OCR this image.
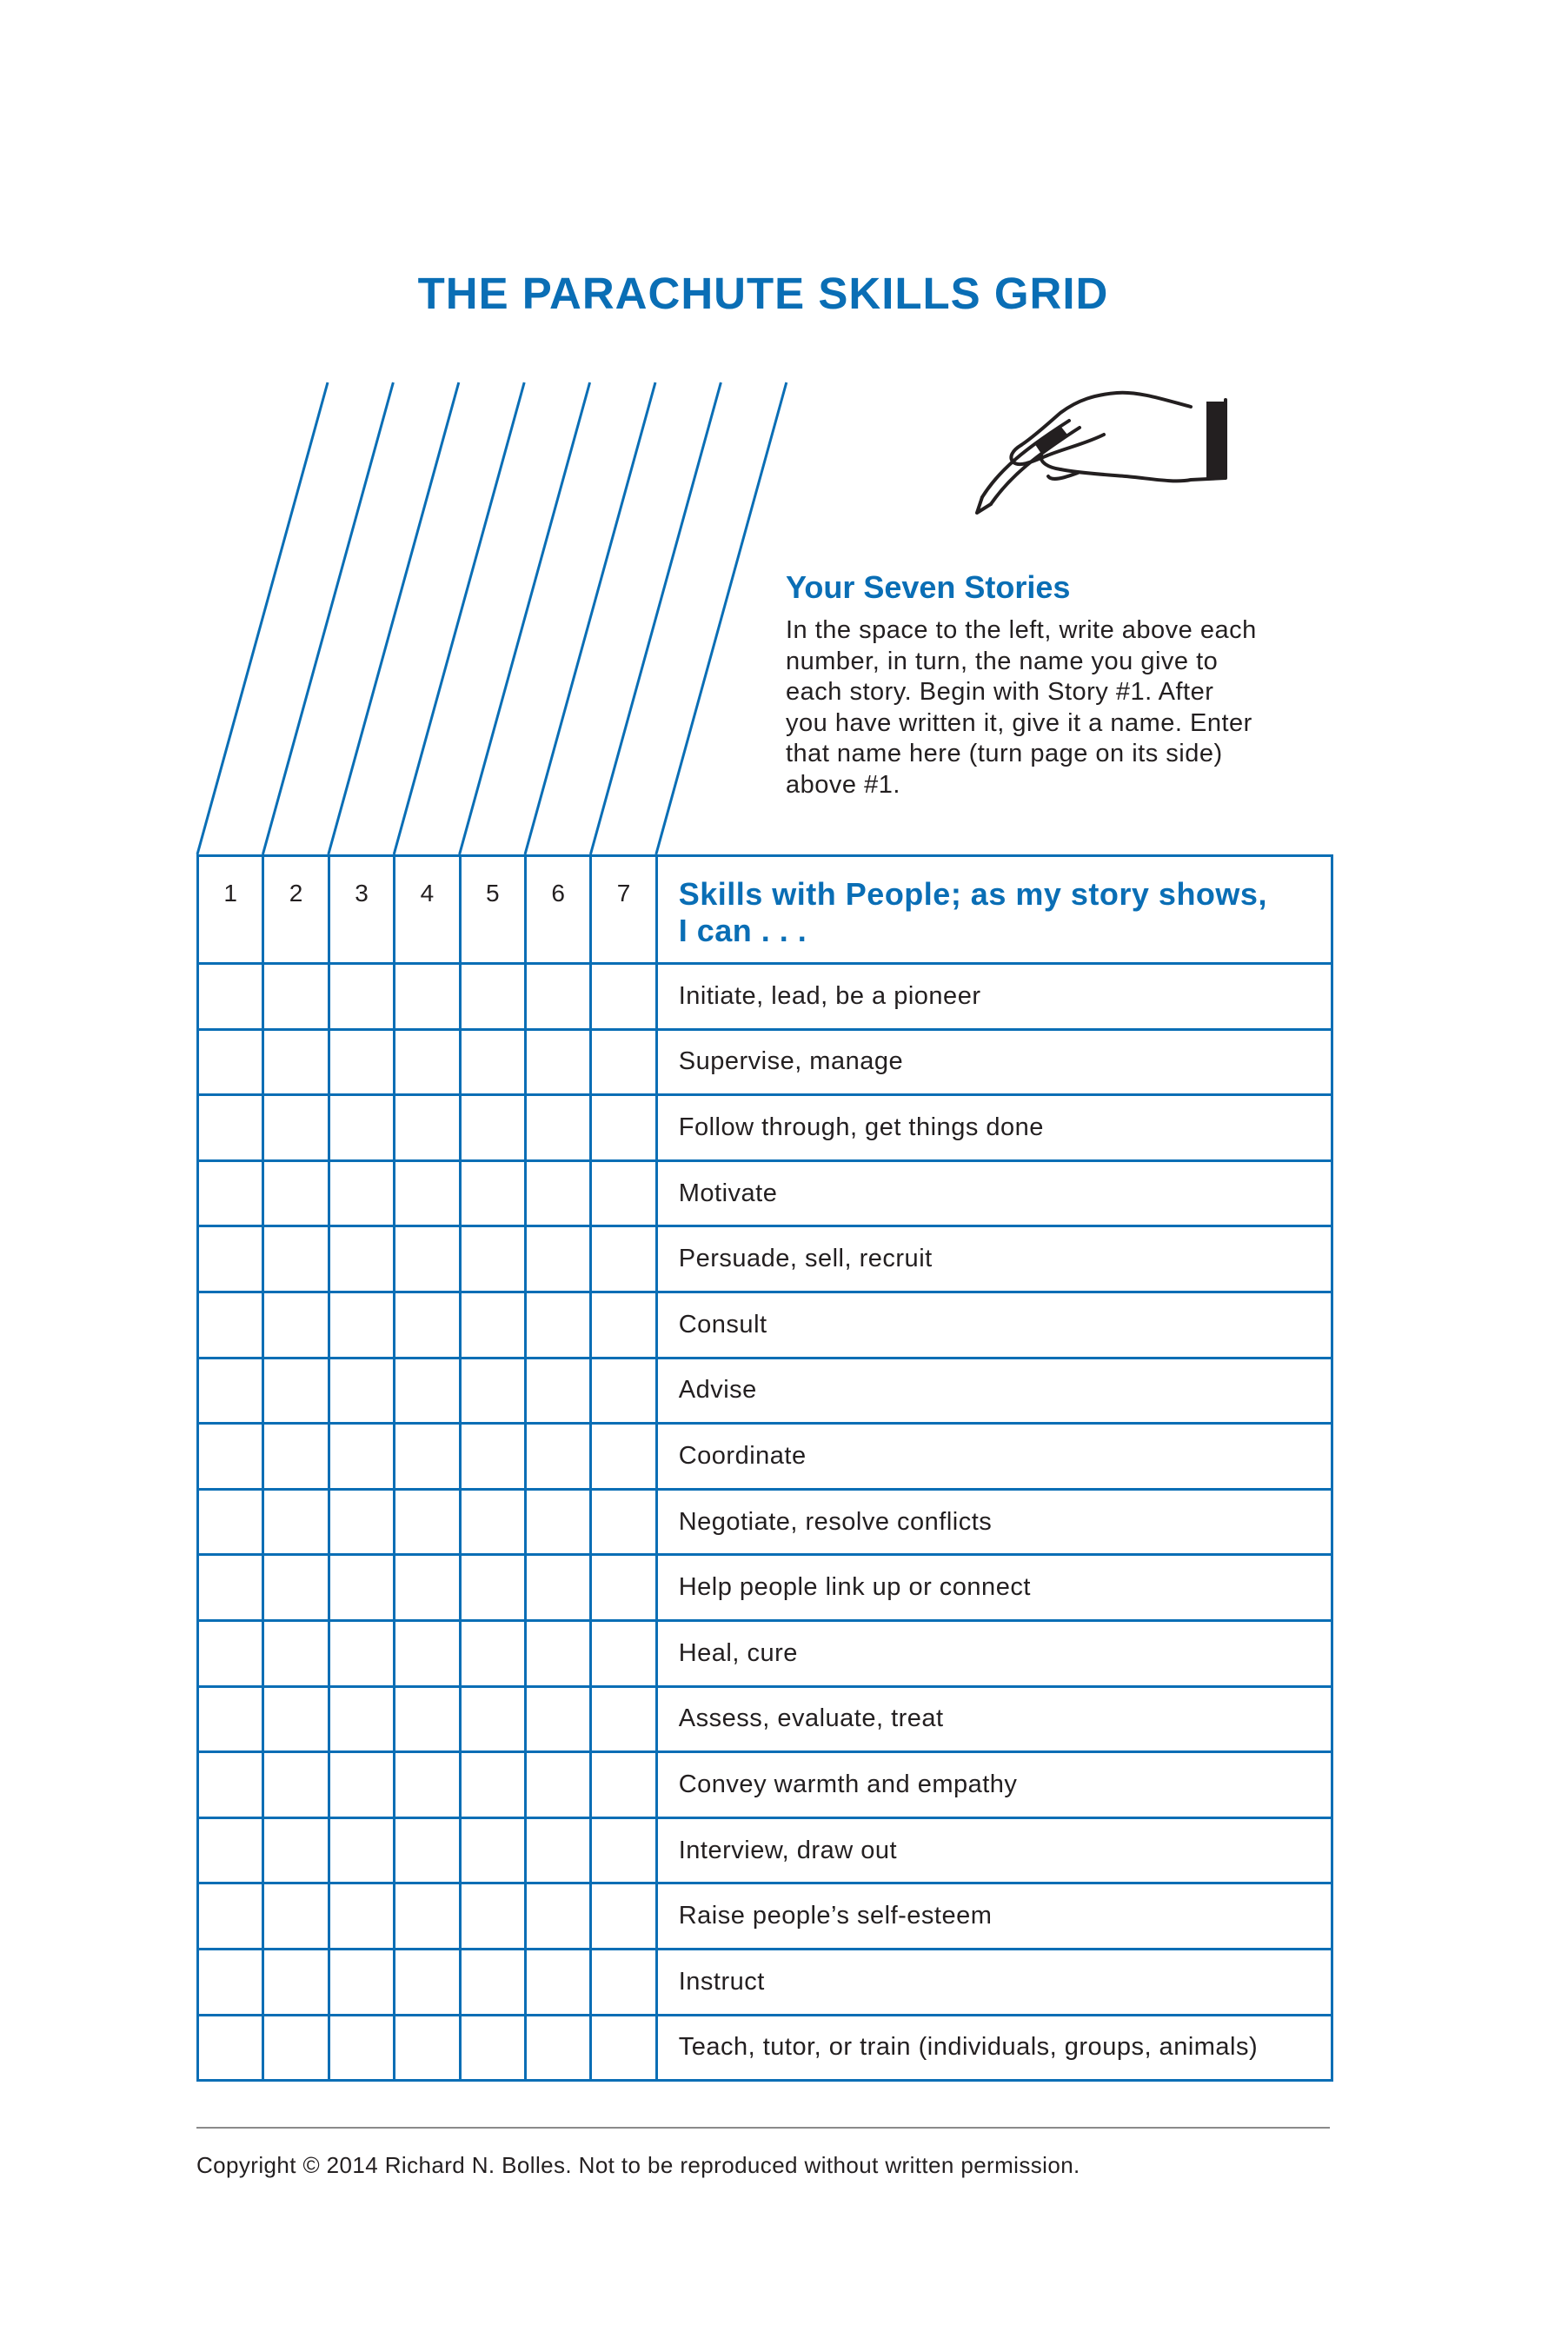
THE PARACHUTE SKILLS GRID
Your Seven Stories
In the space to the left, write above each
number, in turn, the name you give to
each story. Begin with Story #1. After
you have written it, give it a name. Enter
that name here (turn page on its side)
above #1.
1	2	3	4	5	6	7	Skills with People; as my story shows,
I can . . .

							Initiate, lead, be a pioneer
							Supervise, manage
							Follow through, get things done
							Motivate
							Persuade, sell, recruit
							Consult
							Advise
							Coordinate
							Negotiate, resolve conflicts
							Help people link up or connect
							Heal, cure
							Assess, evaluate, treat
							Convey warmth and empathy
							Interview, draw out
							Raise people’s self-esteem
							Instruct
							Teach, tutor, or train (individuals, groups, animals)
Copyright © 2014 Richard N. Bolles. Not to be reproduced without written permission.
